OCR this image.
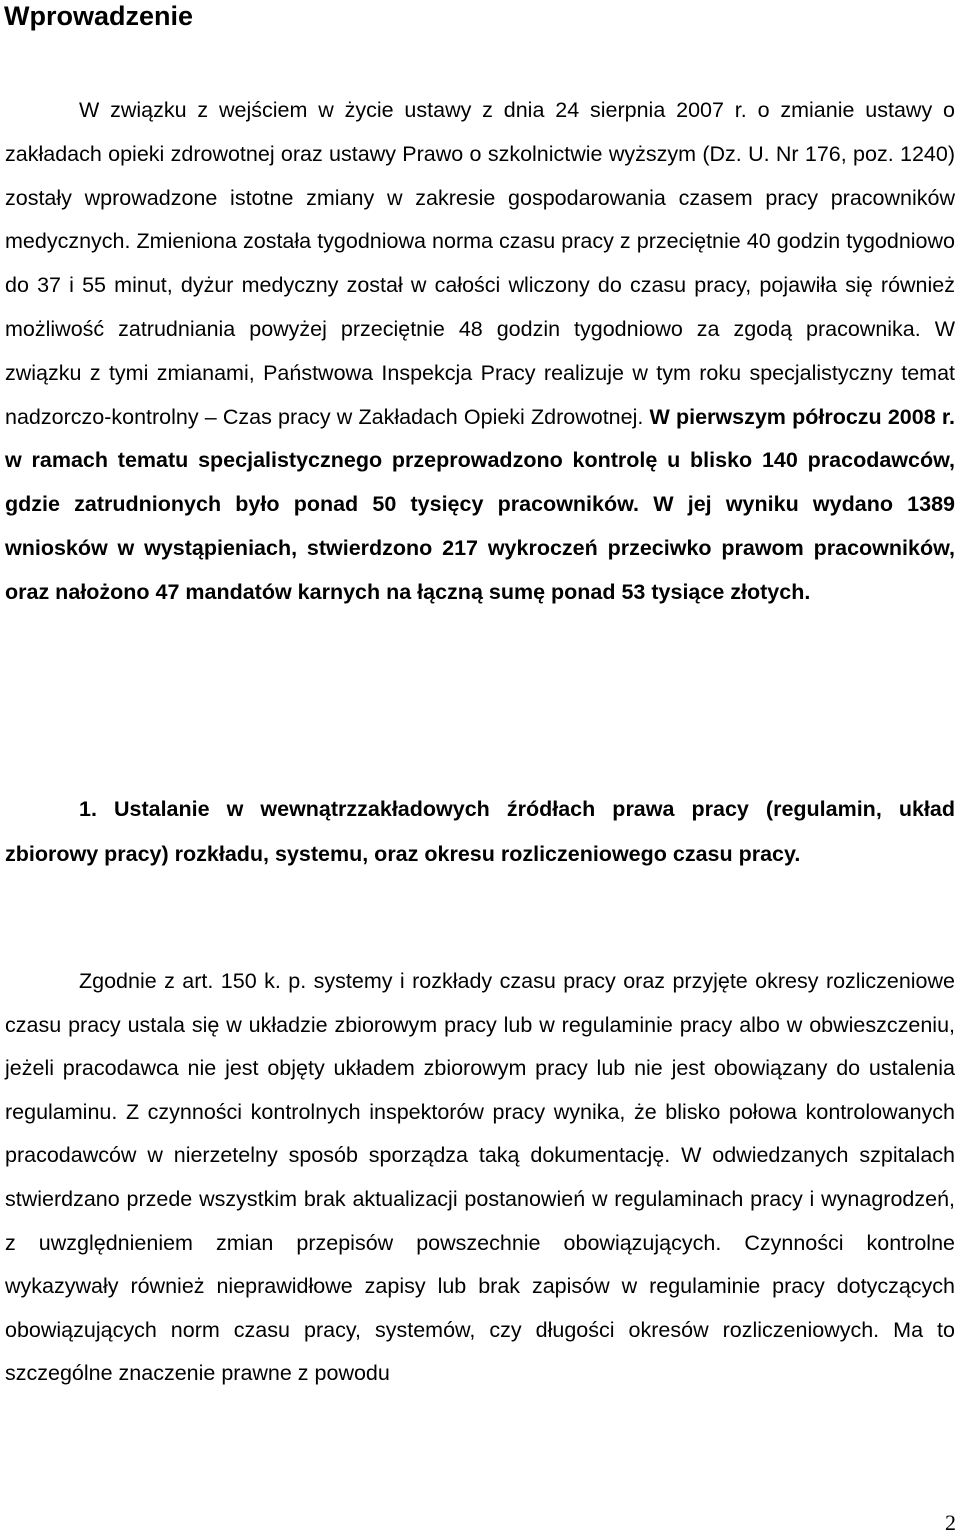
Wprowadzenie

W związku z wejściem w życie ustawy z dnia 24 sierpnia 2007 r. o zmianie ustawy o zakładach opieki zdrowotnej oraz ustawy Prawo o szkolnictwie wyższym (Dz. U. Nr 176, poz. 1240) zostały wprowadzone istotne zmiany w zakresie gospodarowania czasem pracy pracowników medycznych. Zmieniona została tygodniowa norma czasu pracy z przeciętnie 40 godzin tygodniowo do 37 i 55 minut, dyżur medyczny został w całości wliczony do czasu pracy, pojawiła się również możliwość zatrudniania powyżej przeciętnie 48 godzin tygodniowo za zgodą pracownika. W związku z tymi zmianami, Państwowa Inspekcja Pracy realizuje w tym roku specjalistyczny temat nadzorczo-kontrolny – Czas pracy w Zakładach Opieki Zdrowotnej. W pierwszym półroczu 2008 r. w ramach tematu specjalistycznego przeprowadzono kontrolę u blisko 140 pracodawców, gdzie zatrudnionych było ponad 50 tysięcy pracowników. W jej wyniku wydano 1389 wniosków w wystąpieniach, stwierdzono 217 wykroczeń przeciwko prawom pracowników, oraz nałożono 47 mandatów karnych na łączną sumę ponad 53 tysiące złotych.

1. Ustalanie w wewnątrzzakładowych źródłach prawa pracy (regulamin, układ zbiorowy pracy) rozkładu, systemu, oraz okresu rozliczeniowego czasu pracy.

Zgodnie z art. 150 k. p. systemy i rozkłady czasu pracy oraz przyjęte okresy rozliczeniowe czasu pracy ustala się w układzie zbiorowym pracy lub w regulaminie pracy albo w obwieszczeniu, jeżeli pracodawca nie jest objęty układem zbiorowym pracy lub nie jest obowiązany do ustalenia regulaminu. Z czynności kontrolnych inspektorów pracy wynika, że blisko połowa kontrolowanych pracodawców w nierzetelny sposób sporządza taką dokumentację. W odwiedzanych szpitalach stwierdzano przede wszystkim brak aktualizacji postanowień w regulaminach pracy i wynagrodzeń, z uwzględnieniem zmian przepisów powszechnie obowiązujących. Czynności kontrolne wykazywały również nieprawidłowe zapisy lub brak zapisów w regulaminie pracy dotyczących obowiązujących norm czasu pracy, systemów, czy długości okresów rozliczeniowych. Ma to szczególne znaczenie prawne z powodu

2
